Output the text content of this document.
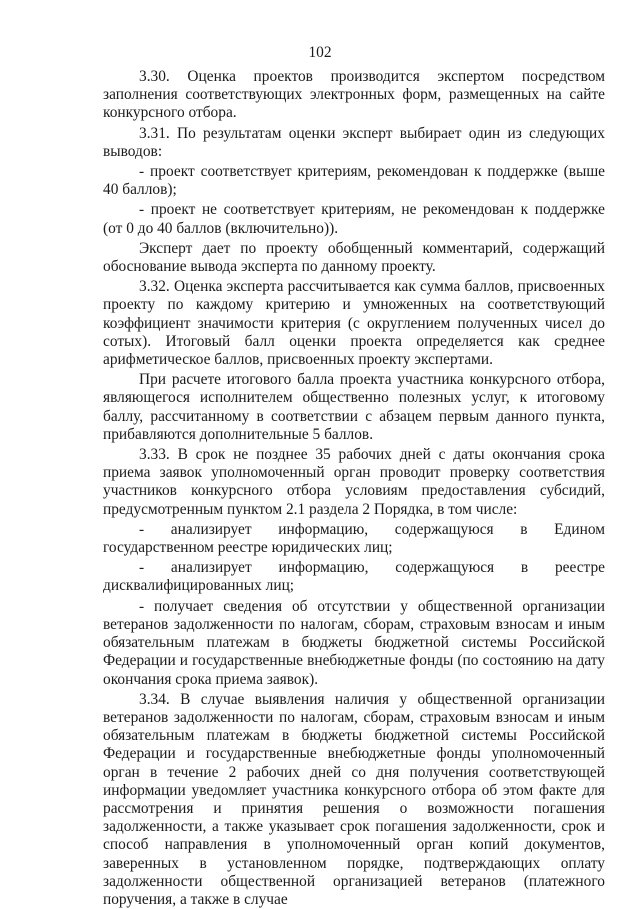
102

3.30. Оценка проектов производится экспертом посредством заполнения соответствующих электронных форм, размещенных на сайте конкурсного отбора.

3.31. По результатам оценки эксперт выбирает один из следующих выводов:

- проект соответствует критериям, рекомендован к поддержке (выше 40 баллов);

- проект не соответствует критериям, не рекомендован к поддержке (от 0 до 40 баллов (включительно)).

Эксперт дает по проекту обобщенный комментарий, содержащий обоснование вывода эксперта по данному проекту.

3.32. Оценка эксперта рассчитывается как сумма баллов, присвоенных проекту по каждому критерию и умноженных на соответствующий коэффициент значимости критерия (с округлением полученных чисел до сотых). Итоговый балл оценки проекта определяется как среднее арифметическое баллов, присвоенных проекту экспертами.

При расчете итогового балла проекта участника конкурсного отбора, являющегося исполнителем общественно полезных услуг, к итоговому баллу, рассчитанному в соответствии с абзацем первым данного пункта, прибавляются дополнительные 5 баллов.

3.33. В срок не позднее 35 рабочих дней с даты окончания срока приема заявок уполномоченный орган проводит проверку соответствия участников конкурсного отбора условиям предоставления субсидий, предусмотренным пунктом 2.1 раздела 2 Порядка, в том числе:

- анализирует информацию, содержащуюся в Едином государственном реестре юридических лиц;

- анализирует информацию, содержащуюся в реестре дисквалифицированных лиц;

- получает сведения об отсутствии у общественной организации ветеранов задолженности по налогам, сборам, страховым взносам и иным обязательным платежам в бюджеты бюджетной системы Российской Федерации и государственные внебюджетные фонды (по состоянию на дату окончания срока приема заявок).

3.34. В случае выявления наличия у общественной организации ветеранов задолженности по налогам, сборам, страховым взносам и иным обязательным платежам в бюджеты бюджетной системы Российской Федерации и государственные внебюджетные фонды уполномоченный орган в течение 2 рабочих дней со дня получения соответствующей информации уведомляет участника конкурсного отбора об этом факте для рассмотрения и принятия решения о возможности погашения задолженности, а также указывает срок погашения задолженности, срок и способ направления в уполномоченный орган копий документов, заверенных в установленном порядке, подтверждающих оплату задолженности общественной организацией ветеранов (платежного поручения, а также в случае
